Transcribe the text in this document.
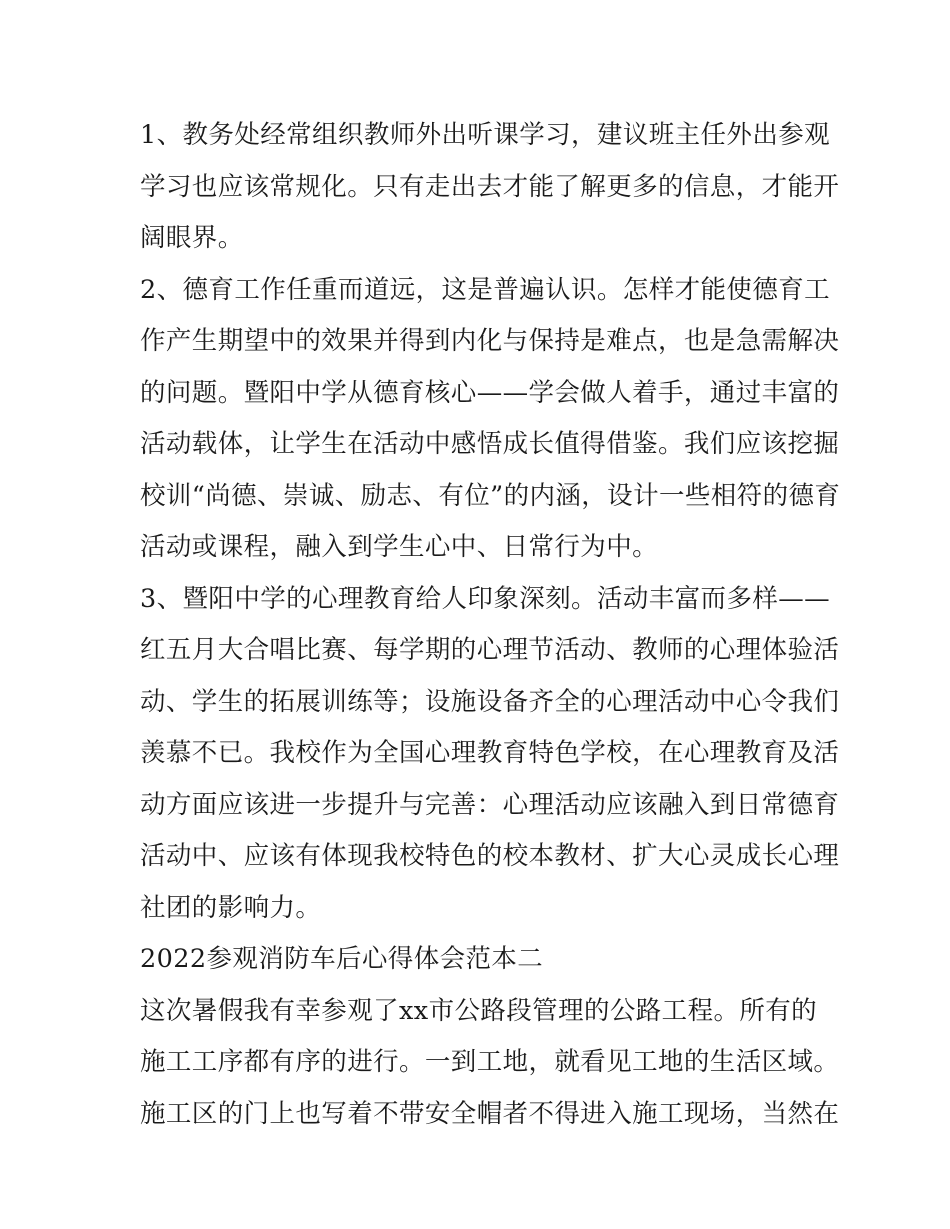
1、教务处经常组织教师外出听课学习，建议班主任外出参观
学习也应该常规化。只有走出去才能了解更多的信息，才能开
阔眼界。
2、德育工作任重而道远，这是普遍认识。怎样才能使德育工
作产生期望中的效果并得到内化与保持是难点，也是急需解决
的问题。暨阳中学从德育核心——学会做人着手，通过丰富的
活动载体，让学生在活动中感悟成长值得借鉴。我们应该挖掘
校训“尚德、崇诚、励志、有位”的内涵，设计一些相符的德育
活动或课程，融入到学生心中、日常行为中。
3、暨阳中学的心理教育给人印象深刻。活动丰富而多样——
红五月大合唱比赛、每学期的心理节活动、教师的心理体验活
动、学生的拓展训练等；设施设备齐全的心理活动中心令我们
羡慕不已。我校作为全国心理教育特色学校，在心理教育及活
动方面应该进一步提升与完善：心理活动应该融入到日常德育
活动中、应该有体现我校特色的校本教材、扩大心灵成长心理
社团的影响力。
2022参观消防车后心得体会范本二
这次暑假我有幸参观了xx市公路段管理的公路工程。所有的
施工工序都有序的进行。一到工地，就看见工地的生活区域。
施工区的门上也写着不带安全帽者不得进入施工现场，当然在
